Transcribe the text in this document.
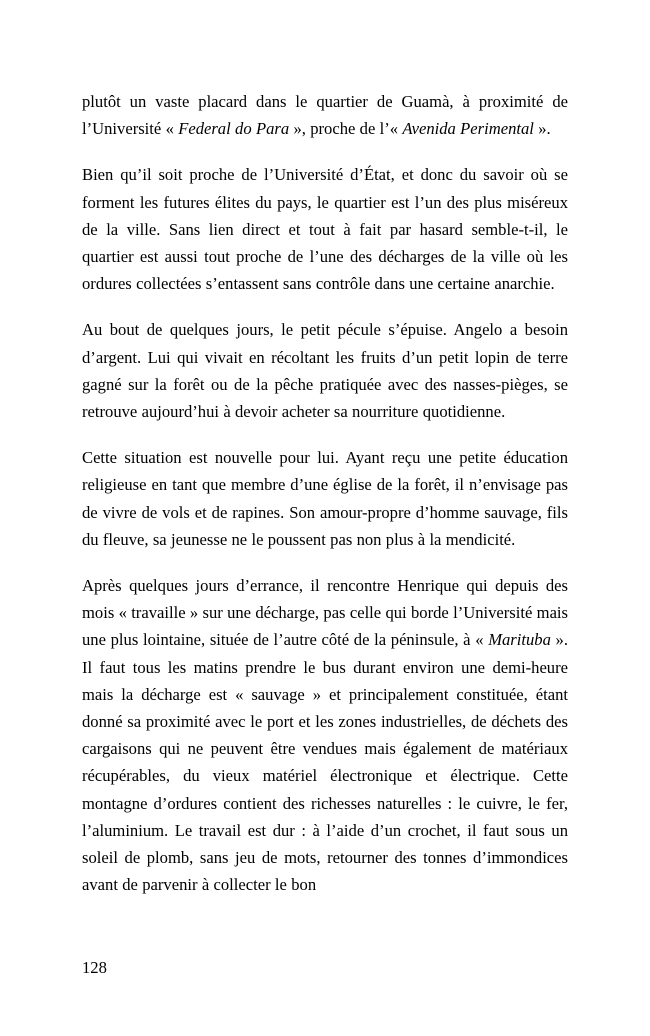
plutôt un vaste placard dans le quartier de Guamà, à proximité de l’Université « Federal do Para », proche de l’« Avenida Perimental ».

Bien qu’il soit proche de l’Université d’État, et donc du savoir où se forment les futures élites du pays, le quartier est l’un des plus miséreux de la ville. Sans lien direct et tout à fait par hasard semble-t-il, le quartier est aussi tout proche de l’une des décharges de la ville où les ordures collectées s’entassent sans contrôle dans une certaine anarchie.

Au bout de quelques jours, le petit pécule s’épuise. Angelo a besoin d’argent. Lui qui vivait en récoltant les fruits d’un petit lopin de terre gagné sur la forêt ou de la pêche pratiquée avec des nasses-pièges, se retrouve aujourd’hui à devoir acheter sa nourriture quotidienne.

Cette situation est nouvelle pour lui. Ayant reçu une petite éducation religieuse en tant que membre d’une église de la forêt, il n’envisage pas de vivre de vols et de rapines. Son amour-propre d’homme sauvage, fils du fleuve, sa jeunesse ne le poussent pas non plus à la mendicité.

Après quelques jours d’errance, il rencontre Henrique qui depuis des mois « travaille » sur une décharge, pas celle qui borde l’Université mais une plus lointaine, située de l’autre côté de la péninsule, à « Marituba ». Il faut tous les matins prendre le bus durant environ une demi-heure mais la décharge est « sauvage » et principalement constituée, étant donné sa proximité avec le port et les zones industrielles, de déchets des cargaisons qui ne peuvent être vendues mais également de matériaux récupérables, du vieux matériel électronique et électrique. Cette montagne d’ordures contient des richesses naturelles : le cuivre, le fer, l’aluminium. Le travail est dur : à l’aide d’un crochet, il faut sous un soleil de plomb, sans jeu de mots, retourner des tonnes d’immondices avant de parvenir à collecter le bon

128
